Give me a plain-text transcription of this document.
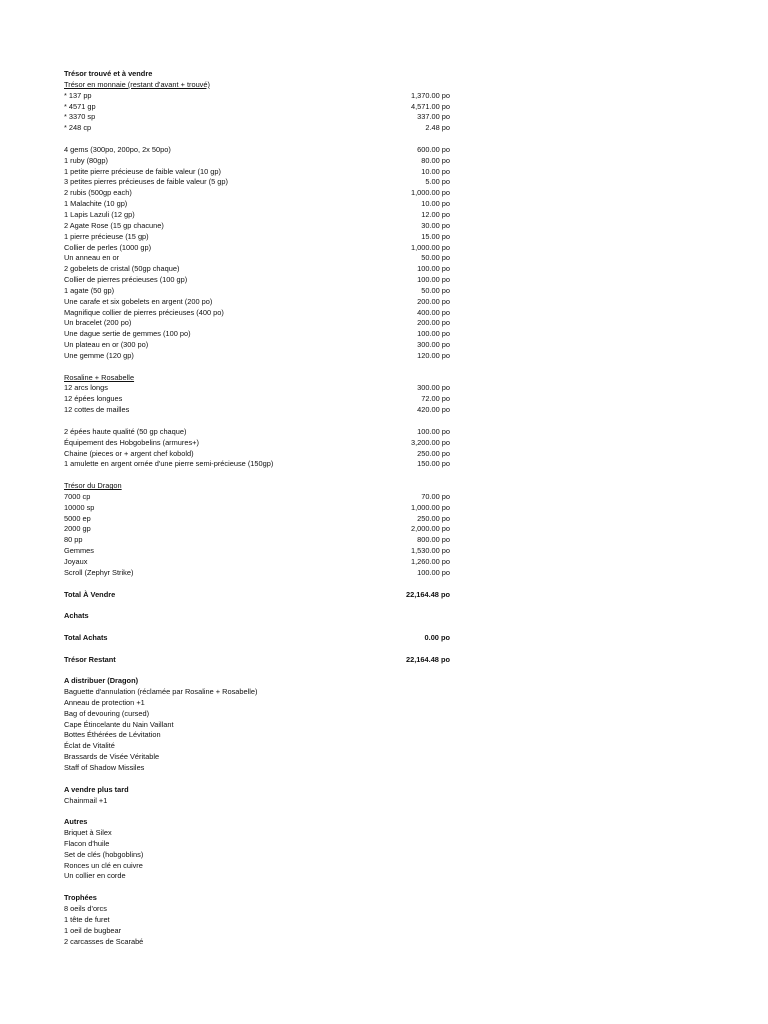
Trésor trouvé et à vendre
Trésor en monnaie (restant d'avant + trouvé)
* 137 pp	1,370.00 po
* 4571 gp	4,571.00 po
* 3370 sp	337.00 po
* 248 cp	2.48 po
4 gems (300po, 200po, 2x 50po)	600.00 po
1 ruby (80gp)	80.00 po
1 petite pierre précieuse de faible valeur (10 gp)	10.00 po
3 petites pierres précieuses de faible valeur (5 gp)	5.00 po
2 rubis (500gp each)	1,000.00 po
1 Malachite (10 gp)	10.00 po
1 Lapis Lazuli (12 gp)	12.00 po
2 Agate Rose (15 gp chacune)	30.00 po
1 pierre précieuse (15 gp)	15.00 po
Collier de perles (1000 gp)	1,000.00 po
Un anneau en or	50.00 po
2 gobelets de cristal (50gp chaque)	100.00 po
Collier de pierres précieuses (100 gp)	100.00 po
1 agate (50 gp)	50.00 po
Une carafe et six gobelets en argent (200 po)	200.00 po
Magnifique collier de pierres précieuses (400 po)	400.00 po
Un bracelet (200 po)	200.00 po
Une dague sertie de gemmes (100 po)	100.00 po
Un plateau en or (300 po)	300.00 po
Une gemme (120 gp)	120.00 po
Rosaline + Rosabelle
12 arcs longs	300.00 po
12 épées longues	72.00 po
12 cottes de mailles	420.00 po
2 épées haute qualité (50 gp chaque)	100.00 po
Équipement des Hobgobelins (armures+)	3,200.00 po
Chaine (pieces or + argent chef kobold)	250.00 po
1 amulette en argent ornée d'une pierre semi-précieuse (150gp)	150.00 po
Trésor du Dragon
7000 cp	70.00 po
10000 sp	1,000.00 po
5000 ep	250.00 po
2000 gp	2,000.00 po
80 pp	800.00 po
Gemmes	1,530.00 po
Joyaux	1,260.00 po
Scroll (Zephyr Strike)	100.00 po
Total À Vendre	22,164.48 po
Achats
Total Achats	0.00 po
Trésor Restant	22,164.48 po
A distribuer (Dragon)
Baguette d'annulation (réclamée par Rosaline + Rosabelle)
Anneau de protection +1
Bag of devouring (cursed)
Cape Étincelante du Nain Vaillant
Bottes Éthérées de Lévitation
Éclat de Vitalité
Brassards de Visée Véritable
Staff of Shadow Missiles
A vendre plus tard
Chainmail +1
Autres
Briquet à Silex
Flacon d'huile
Set de clés (hobgoblins)
Ronces un clé en cuivre
Un collier en corde
Trophées
8 oeils d'orcs
1 tête de furet
1 oeil de bugbear
2 carcasses de Scarabé
